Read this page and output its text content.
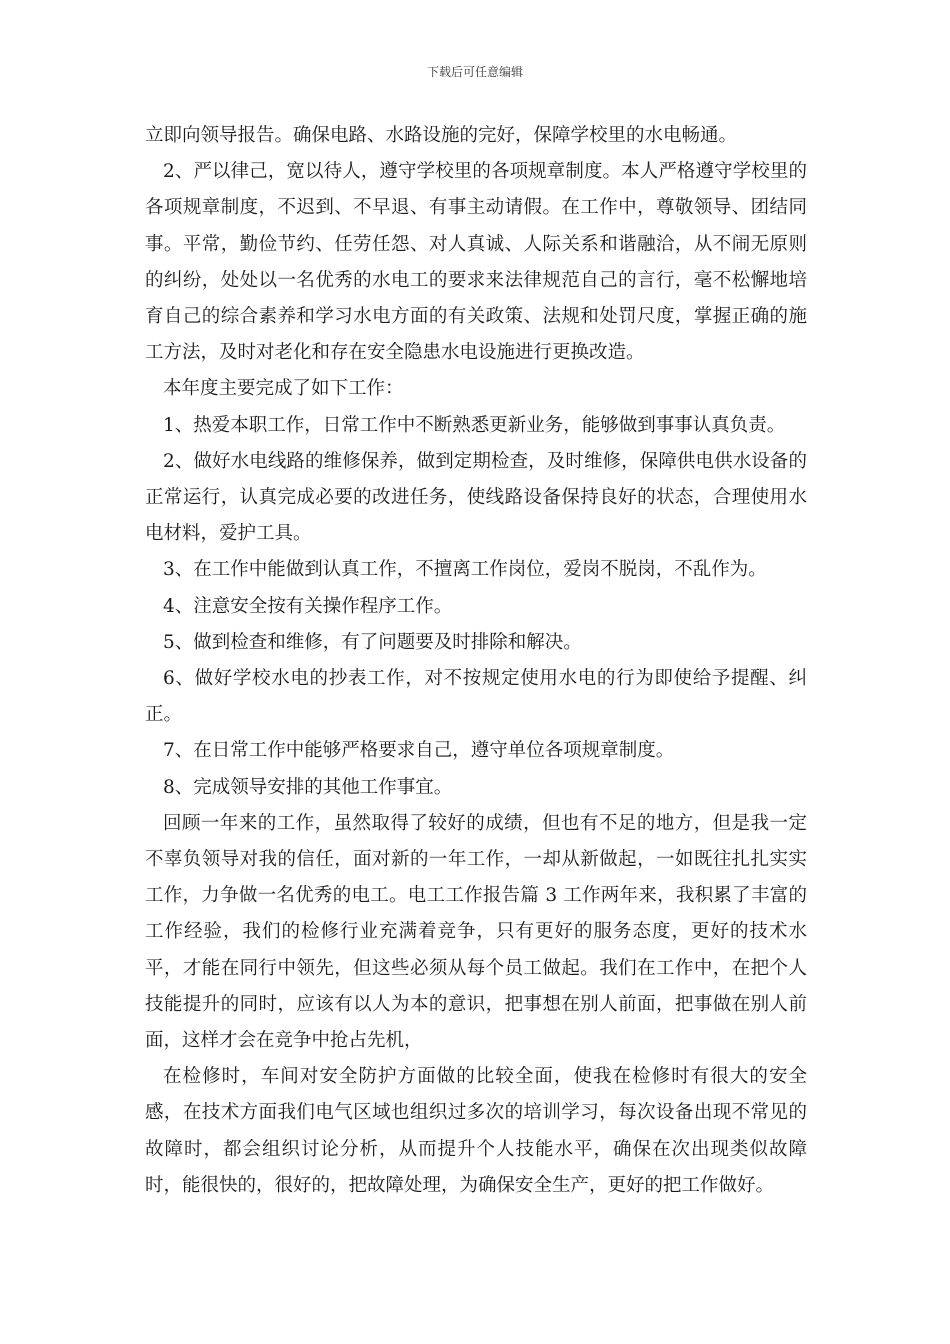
下载后可任意编辑

立即向领导报告。确保电路、水路设施的完好，保障学校里的水电畅通。

2、严以律己，宽以待人，遵守学校里的各项规章制度。本人严格遵守学校里的各项规章制度，不迟到、不早退、有事主动请假。在工作中，尊敬领导、团结同事。平常，勤俭节约、任劳任怨、对人真诚、人际关系和谐融洽，从不闹无原则的纠纷，处处以一名优秀的水电工的要求来法律规范自己的言行，毫不松懈地培育自己的综合素养和学习水电方面的有关政策、法规和处罚尺度，掌握正确的施工方法，及时对老化和存在安全隐患水电设施进行更换改造。

本年度主要完成了如下工作：

1、热爱本职工作，日常工作中不断熟悉更新业务，能够做到事事认真负责。

2、做好水电线路的维修保养，做到定期检查，及时维修，保障供电供水设备的正常运行，认真完成必要的改进任务，使线路设备保持良好的状态，合理使用水电材料，爱护工具。

3、在工作中能做到认真工作，不擅离工作岗位，爱岗不脱岗，不乱作为。

4、注意安全按有关操作程序工作。

5、做到检查和维修，有了问题要及时排除和解决。

6、做好学校水电的抄表工作，对不按规定使用水电的行为即使给予提醒、纠正。

7、在日常工作中能够严格要求自己，遵守单位各项规章制度。

8、完成领导安排的其他工作事宜。

回顾一年来的工作，虽然取得了较好的成绩，但也有不足的地方，但是我一定不辜负领导对我的信任，面对新的一年工作，一却从新做起，一如既往扎扎实实工作，力争做一名优秀的电工。电工工作报告篇 3 工作两年来，我积累了丰富的工作经验，我们的检修行业充满着竞争，只有更好的服务态度，更好的技术水平，才能在同行中领先，但这些必须从每个员工做起。我们在工作中，在把个人技能提升的同时，应该有以人为本的意识，把事想在别人前面，把事做在别人前面，这样才会在竞争中抢占先机，

在检修时，车间对安全防护方面做的比较全面，使我在检修时有很大的安全感，在技术方面我们电气区域也组织过多次的培训学习，每次设备出现不常见的故障时，都会组织讨论分析，从而提升个人技能水平，确保在次出现类似故障时，能很快的，很好的，把故障处理，为确保安全生产，更好的把工作做好。
